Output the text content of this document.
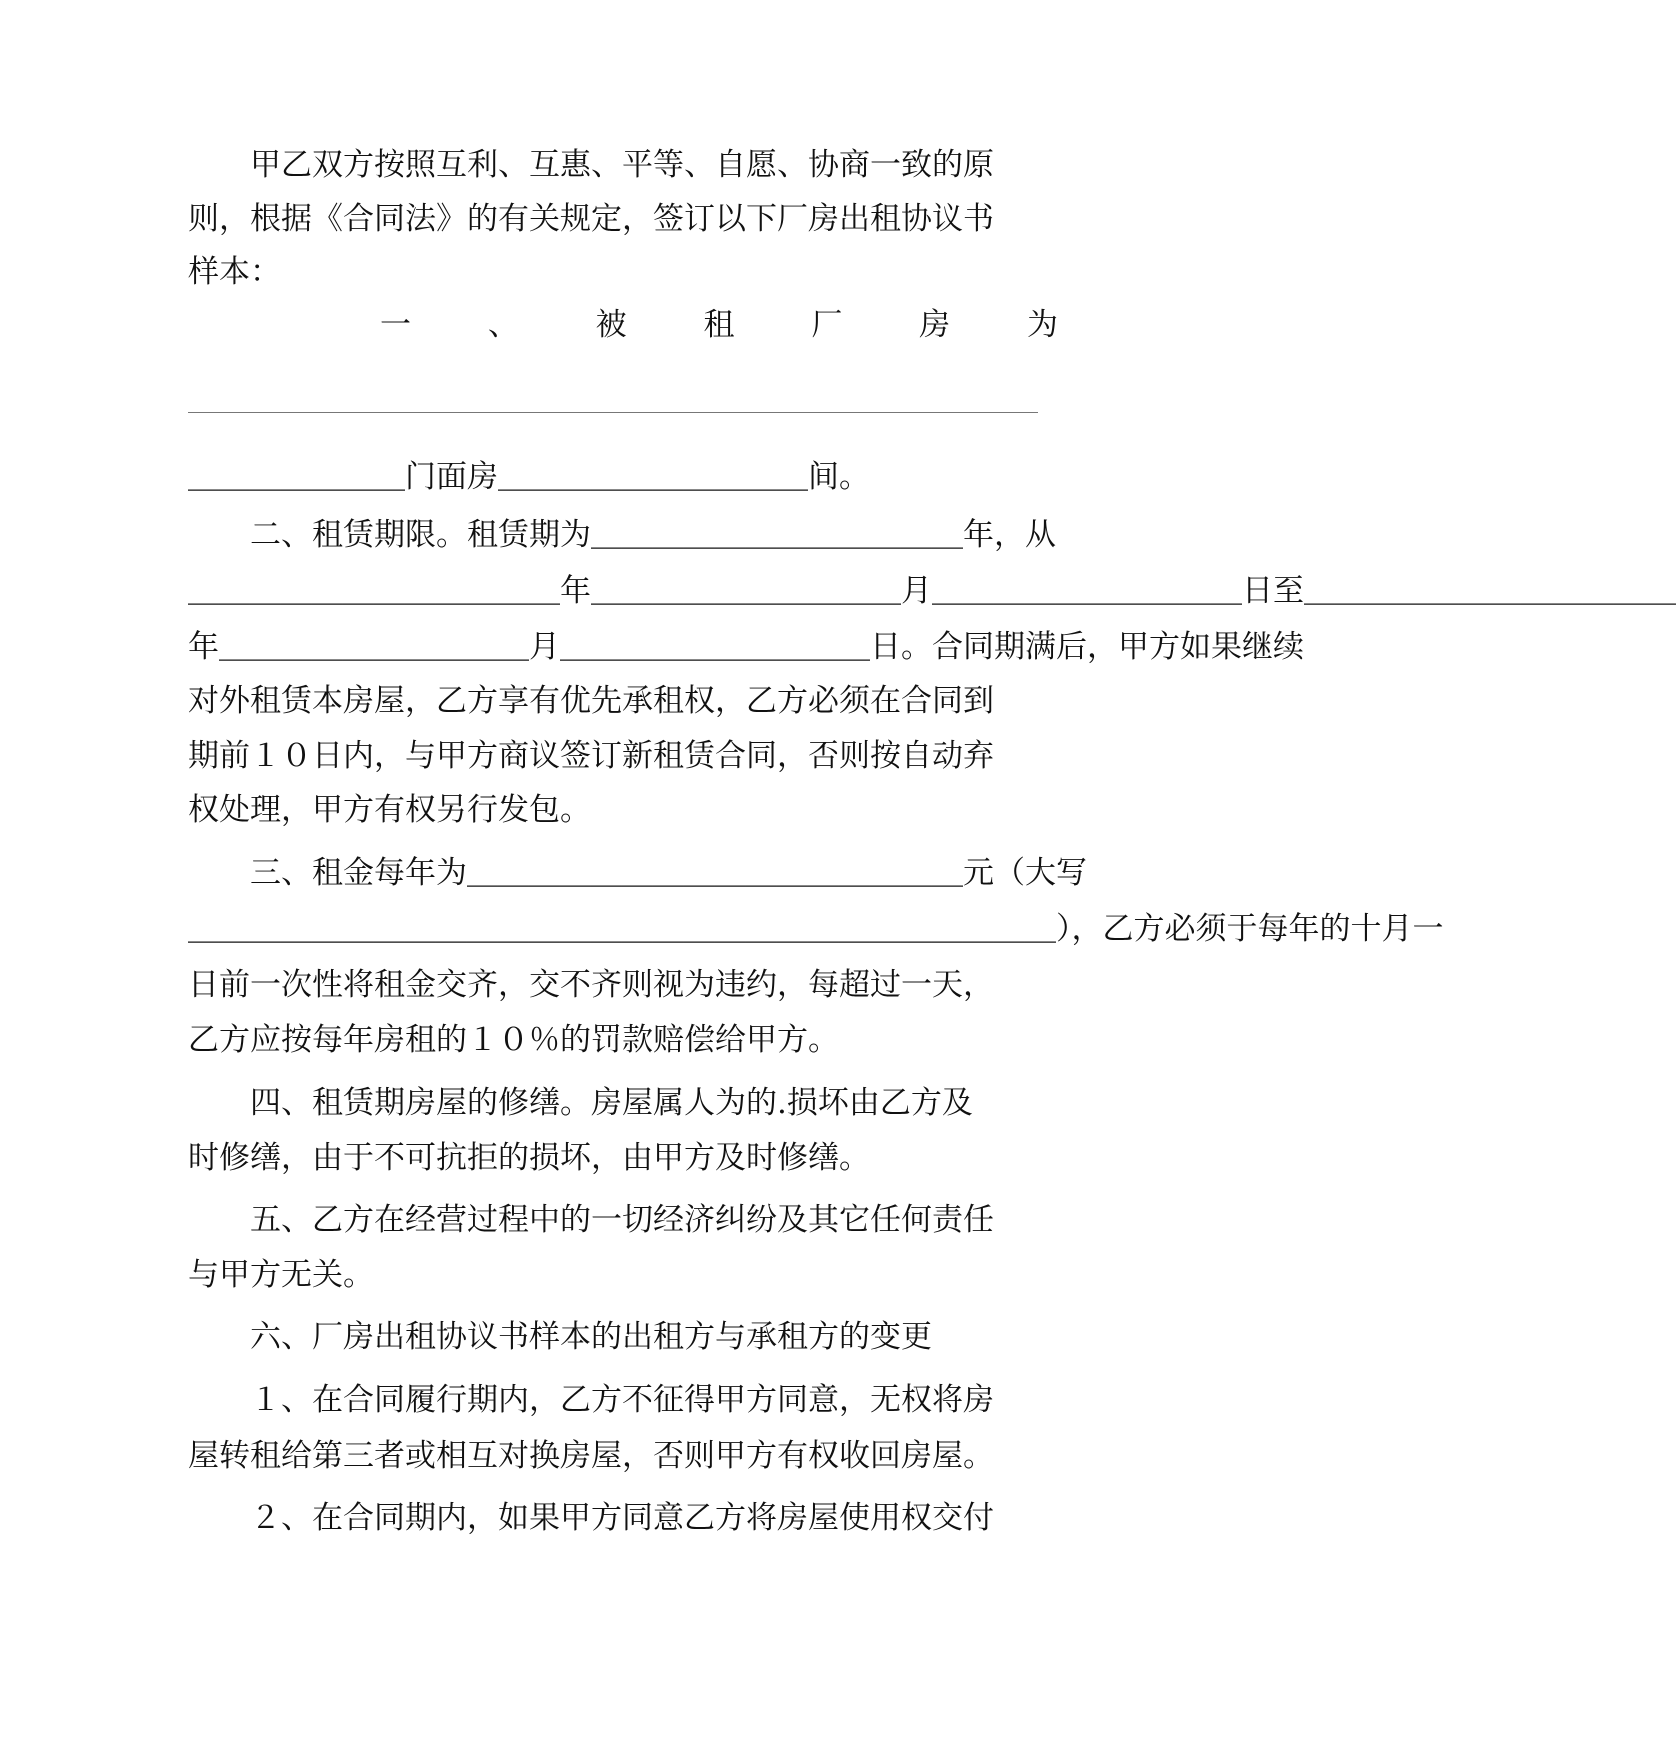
　　甲乙双方按照互利、互惠、平等、自愿、协商一致的原
则，根据《合同法》的有关规定，签订以下厂房出租协议书
样本：
一 、 被 租 厂 房 为
＿＿＿＿＿＿＿门面房＿＿＿＿＿＿＿＿＿＿间。
　　二、租赁期限。租赁期为＿＿＿＿＿＿＿＿＿＿＿＿年，从
＿＿＿＿＿＿＿＿＿＿＿＿年＿＿＿＿＿＿＿＿＿＿月＿＿＿＿＿＿＿＿＿＿日至＿＿＿＿＿＿＿＿＿＿＿＿
年＿＿＿＿＿＿＿＿＿＿月＿＿＿＿＿＿＿＿＿＿日。合同期满后，甲方如果继续
对外租赁本房屋，乙方享有优先承租权，乙方必须在合同到
期前１０日内，与甲方商议签订新租赁合同，否则按自动弃
权处理，甲方有权另行发包。
　　三、租金每年为＿＿＿＿＿＿＿＿＿＿＿＿＿＿＿＿元（大写
＿＿＿＿＿＿＿＿＿＿＿＿＿＿＿＿＿＿＿＿＿＿＿＿＿＿＿＿），乙方必须于每年的十月一
日前一次性将租金交齐，交不齐则视为违约，每超过一天，
乙方应按每年房租的１０％的罚款赔偿给甲方。
　　四、租赁期房屋的修缮。房屋属人为的.损坏由乙方及
时修缮，由于不可抗拒的损坏，由甲方及时修缮。
　　五、乙方在经营过程中的一切经济纠纷及其它任何责任
与甲方无关。
　　六、厂房出租协议书样本的出租方与承租方的变更
　　１、在合同履行期内，乙方不征得甲方同意，无权将房
屋转租给第三者或相互对换房屋，否则甲方有权收回房屋。
　　２、在合同期内，如果甲方同意乙方将房屋使用权交付
